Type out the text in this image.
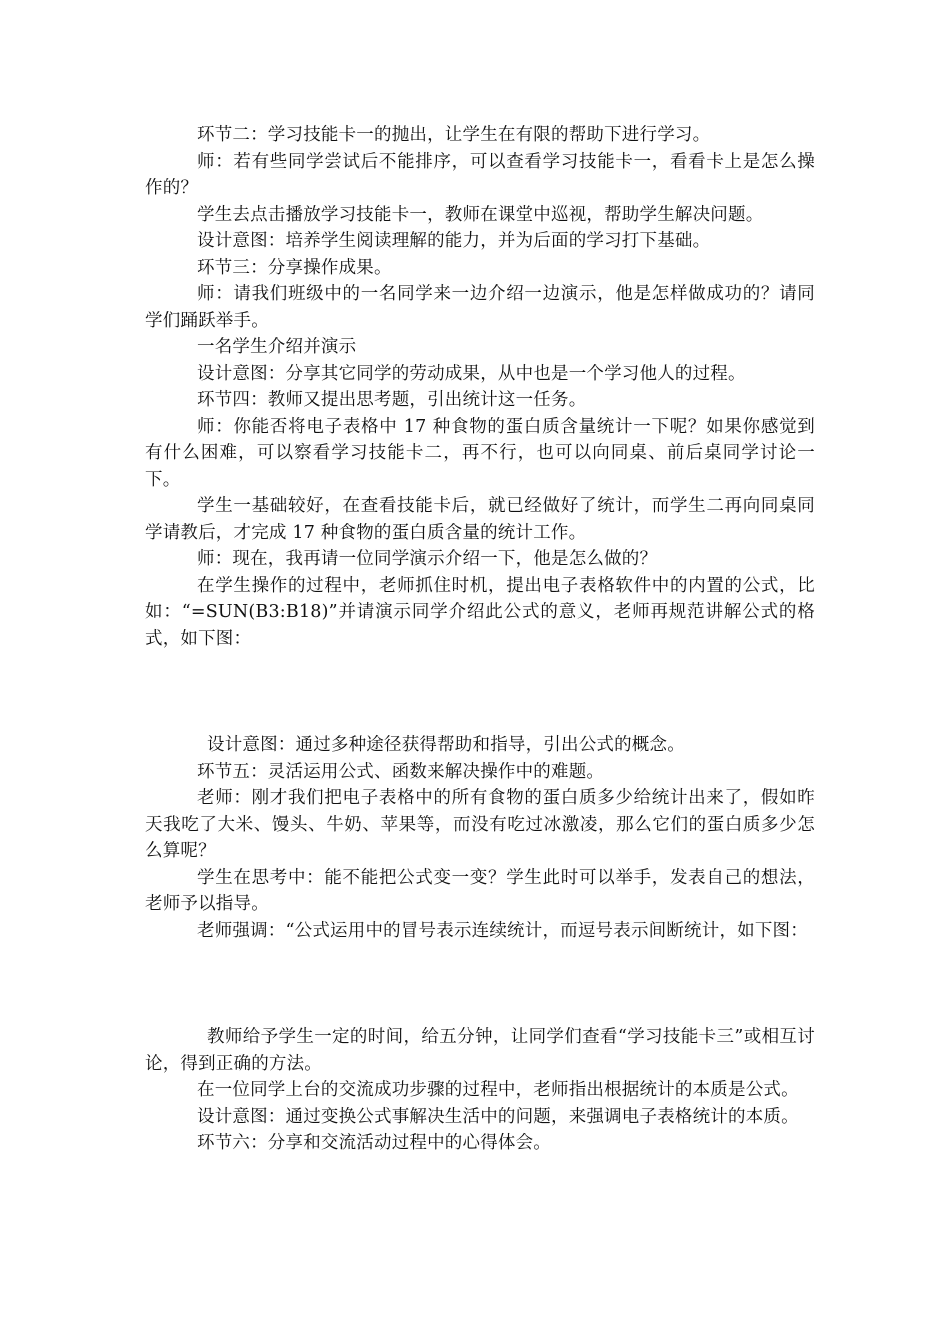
环节二：学习技能卡一的抛出，让学生在有限的帮助下进行学习。

师：若有些同学尝试后不能排序，可以查看学习技能卡一，看看卡上是怎么操作的？

学生去点击播放学习技能卡一，教师在课堂中巡视，帮助学生解决问题。

设计意图：培养学生阅读理解的能力，并为后面的学习打下基础。

环节三：分享操作成果。

师：请我们班级中的一名同学来一边介绍一边演示，他是怎样做成功的？请同学们踊跃举手。

一名学生介绍并演示

设计意图：分享其它同学的劳动成果，从中也是一个学习他人的过程。

环节四：教师又提出思考题，引出统计这一任务。

师：你能否将电子表格中 17 种食物的蛋白质含量统计一下呢？如果你感觉到有什么困难，可以察看学习技能卡二，再不行，也可以向同桌、前后桌同学讨论一下。

学生一基础较好，在查看技能卡后，就已经做好了统计，而学生二再向同桌同学请教后，才完成 17 种食物的蛋白质含量的统计工作。

师：现在，我再请一位同学演示介绍一下，他是怎么做的？

在学生操作的过程中，老师抓住时机，提出电子表格软件中的内置的公式，比如：“=SUN(B3:B18)”并请演示同学介绍此公式的意义，老师再规范讲解公式的格式，如下图：

设计意图：通过多种途径获得帮助和指导，引出公式的概念。

环节五：灵活运用公式、函数来解决操作中的难题。

老师：刚才我们把电子表格中的所有食物的蛋白质多少给统计出来了，假如昨天我吃了大米、馒头、牛奶、苹果等，而没有吃过冰激凌，那么它们的蛋白质多少怎么算呢？

学生在思考中：能不能把公式变一变？学生此时可以举手，发表自己的想法，老师予以指导。

老师强调：“公式运用中的冒号表示连续统计，而逗号表示间断统计，如下图：

教师给予学生一定的时间，给五分钟，让同学们查看“学习技能卡三”或相互讨论，得到正确的方法。

在一位同学上台的交流成功步骤的过程中，老师指出根据统计的本质是公式。

设计意图：通过变换公式事解决生活中的问题，来强调电子表格统计的本质。

环节六：分享和交流活动过程中的心得体会。
